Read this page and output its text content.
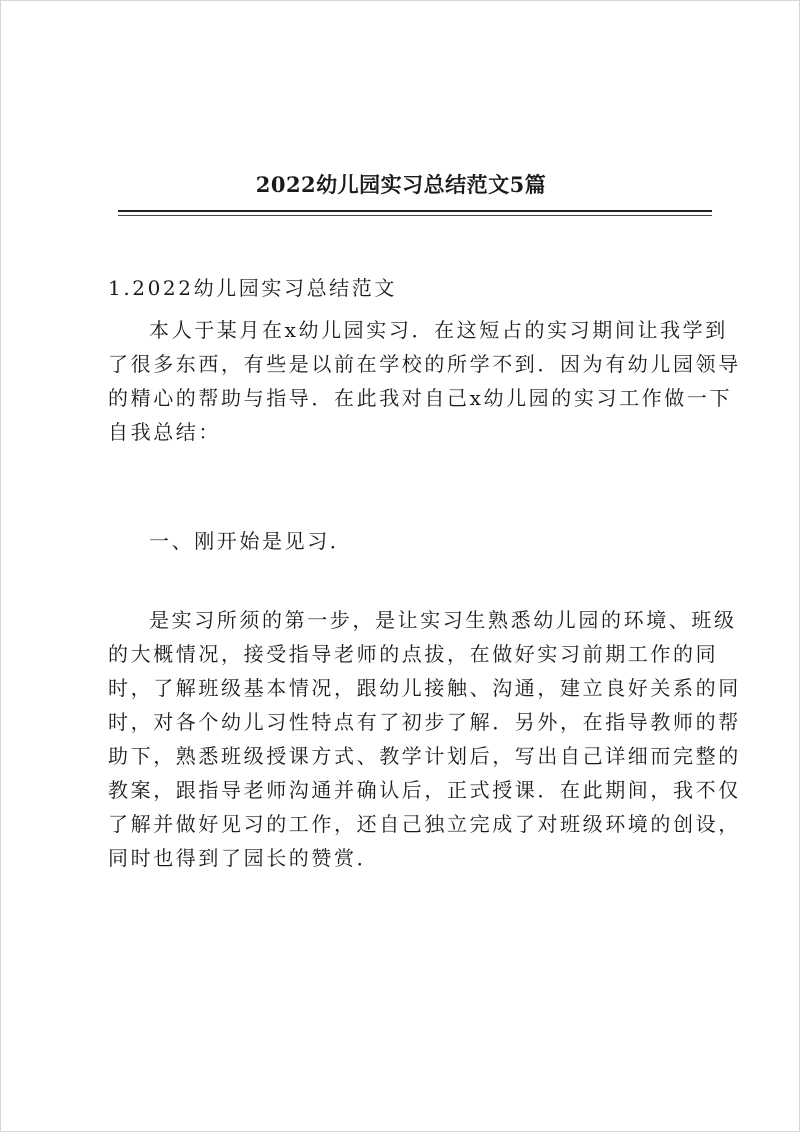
2022幼儿园实习总结范文5篇
1.2022幼儿园实习总结范文
本人于某月在x幼儿园实习．在这短占的实习期间让我学到
了很多东西，有些是以前在学校的所学不到．因为有幼儿园领导
的精心的帮助与指导．在此我对自己x幼儿园的实习工作做一下
自我总结：
一、刚开始是见习．
是实习所须的第一步，是让实习生熟悉幼儿园的环境、班级
的大概情况，接受指导老师的点拔，在做好实习前期工作的同
时，了解班级基本情况，跟幼儿接触、沟通，建立良好关系的同
时，对各个幼儿习性特点有了初步了解．另外，在指导教师的帮
助下，熟悉班级授课方式、教学计划后，写出自己详细而完整的
教案，跟指导老师沟通并确认后，正式授课．在此期间，我不仅
了解并做好见习的工作，还自己独立完成了对班级环境的创设，
同时也得到了园长的赞赏．
